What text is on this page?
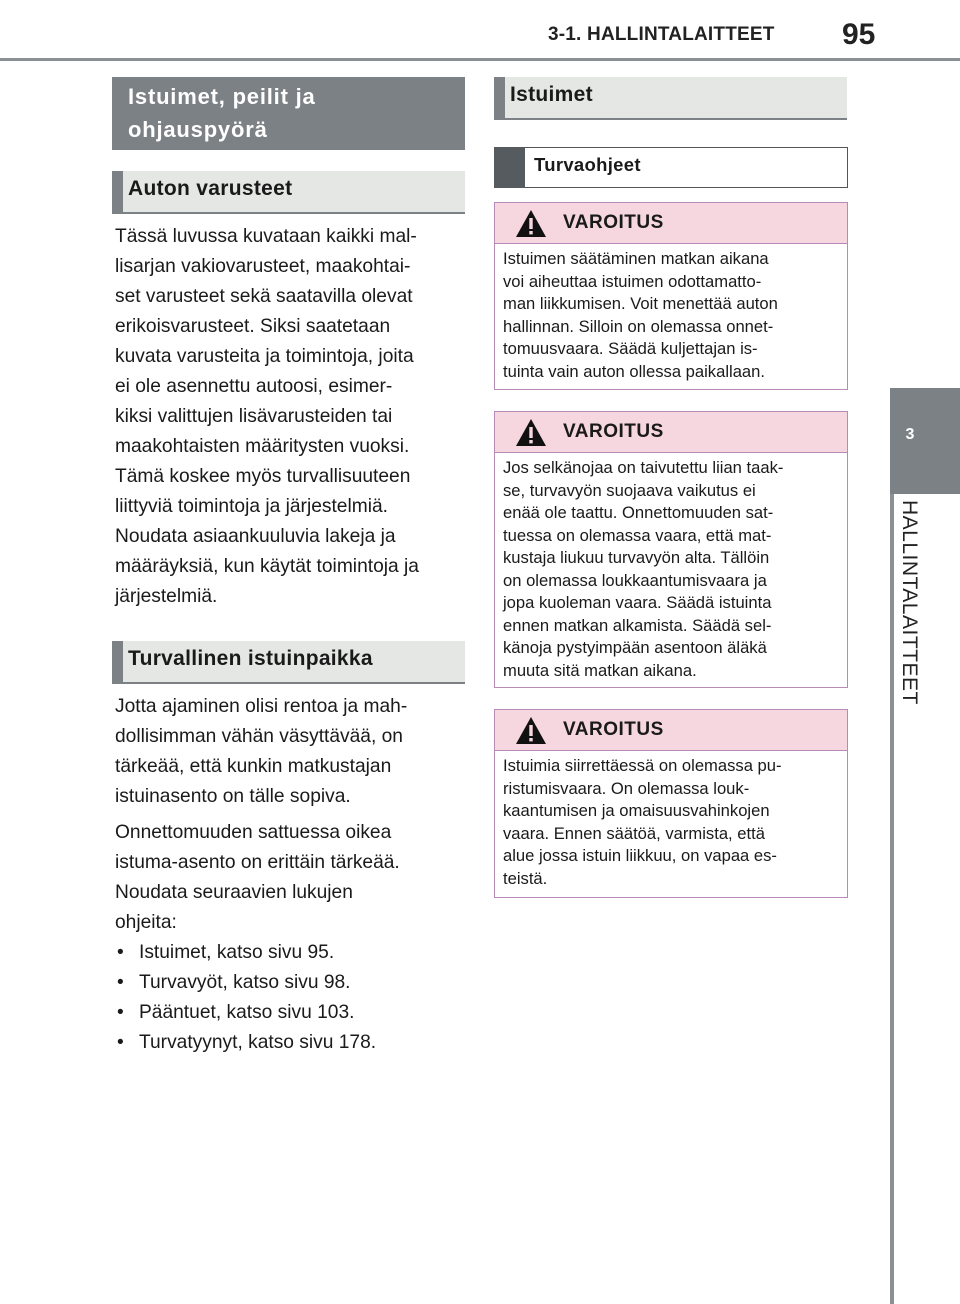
3-1. HALLINTALAITTEET 95
3
HALLINTALAITTEET
Istuimet, peilit ja
ohjauspyörä
Auton varusteet
Tässä luvussa kuvataan kaikki mal-
lisarjan vakiovarusteet, maakohtai-
set varusteet sekä saatavilla olevat
erikoisvarusteet. Siksi saatetaan
kuvata varusteita ja toimintoja, joita
ei ole asennettu autoosi, esimer-
kiksi valittujen lisävarusteiden tai
maakohtaisten määritysten vuoksi.
Tämä koskee myös turvallisuuteen
liittyviä toimintoja ja järjestelmiä.
Noudata asiaankuuluvia lakeja ja
määräyksiä, kun käytät toimintoja ja
järjestelmiä.
Turvallinen istuinpaikka

Jotta ajaminen olisi rentoa ja mah-
dollisimman vähän väsyttävää, on
tärkeää, että kunkin matkustajan
istuinasento on tälle sopiva.

Onnettomuuden sattuessa oikea
istuma-asento on erittäin tärkeää.
Noudata seuraavien lukujen
ohjeita:

• Istuimet, katso sivu 95.
• Turvavyöt, katso sivu 98.
• Pääntuet, katso sivu 103.
• Turvatyynyt, katso sivu 178.
Istuimet
Turvaohjeet
VAROITUS
Istuimen säätäminen matkan aikana
voi aiheuttaa istuimen odottamatto-
man liikkumisen. Voit menettää auton
hallinnan. Silloin on olemassa onnet-
tomuusvaara. Säädä kuljettajan is-
tuinta vain auton ollessa paikallaan.
VAROITUS
Jos selkänojaa on taivutettu liian taak-
se, turvavyön suojaava vaikutus ei
enää ole taattu. Onnettomuuden sat-
tuessa on olemassa vaara, että mat-
kustaja liukuu turvavyön alta. Tällöin
on olemassa loukkaantumisvaara ja
jopa kuoleman vaara. Säädä istuinta
ennen matkan alkamista. Säädä sel-
känoja pystyimpään asentoon äläkä
muuta sitä matkan aikana.
VAROITUS
Istuimia siirrettäessä on olemassa pu-
ristumisvaara. On olemassa louk-
kaantumisen ja omaisuusvahinkojen
vaara. Ennen säätöä, varmista, että
alue jossa istuin liikkuu, on vapaa es-
teistä.
